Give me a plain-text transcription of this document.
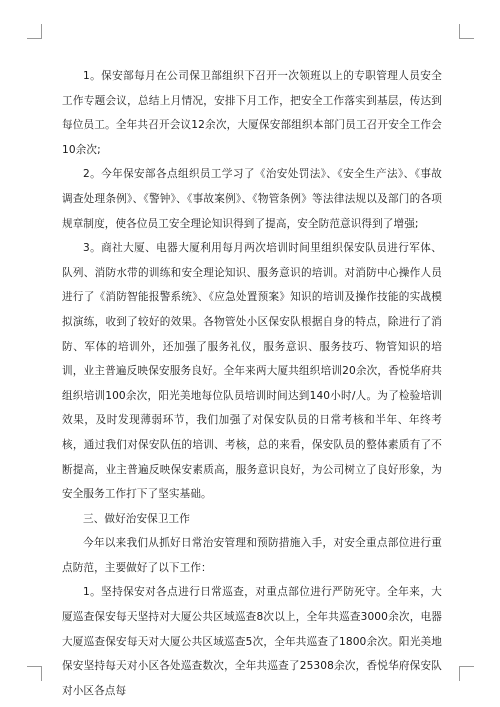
1。保安部每月在公司保卫部组织下召开一次领班以上的专职管理人员安全工作专题会议，总结上月情况，安排下月工作，把安全工作落实到基层，传达到每位员工。全年共召开会议12余次，大厦保安部组织本部门员工召开安全工作会10余次;

2。今年保安部各点组织员工学习了《治安处罚法》、《安全生产法》、《事故调查处理条例》、《警钟》、《事故案例》、《物管条例》等法律法规以及部门的各项规章制度，使各位员工安全理论知识得到了提高，安全防范意识得到了增强;

3。商社大厦、电器大厦利用每月两次培训时间里组织保安队员进行军体、队列、消防水带的训练和安全理论知识、服务意识的培训。对消防中心操作人员进行了《消防智能报警系统》、《应急处置预案》知识的培训及操作技能的实战模拟演练，收到了较好的效果。各物管处小区保安队根据自身的特点，除进行了消防、军体的培训外，还加强了服务礼仪，服务意识、服务技巧、物管知识的培训，业主普遍反映保安服务良好。全年来两大厦共组织培训20余次，香悦华府共组织培训100余次，阳光美地每位队员培训时间达到140小时/人。为了检验培训效果，及时发现薄弱环节，我们加强了对保安队员的日常考核和半年、年终考核，通过我们对保安队伍的培训、考核，总的来看，保安队员的整体素质有了不断提高，业主普遍反映保安素质高，服务意识良好，为公司树立了良好形象，为安全服务工作打下了坚实基础。

三、做好治安保卫工作

今年以来我们从抓好日常治安管理和预防措施入手，对安全重点部位进行重点防范，主要做好了以下工作：

1。坚持保安对各点进行日常巡查，对重点部位进行严防死守。全年来，大厦巡查保安每天坚持对大厦公共区域巡查8次以上，全年共巡查3000余次，电器大厦巡查保安每天对大厦公共区域巡查5次，全年共巡查了1800余次。阳光美地保安坚持每天对小区各处巡查数次，全年共巡查了25308余次，香悦华府保安队对小区各点每
